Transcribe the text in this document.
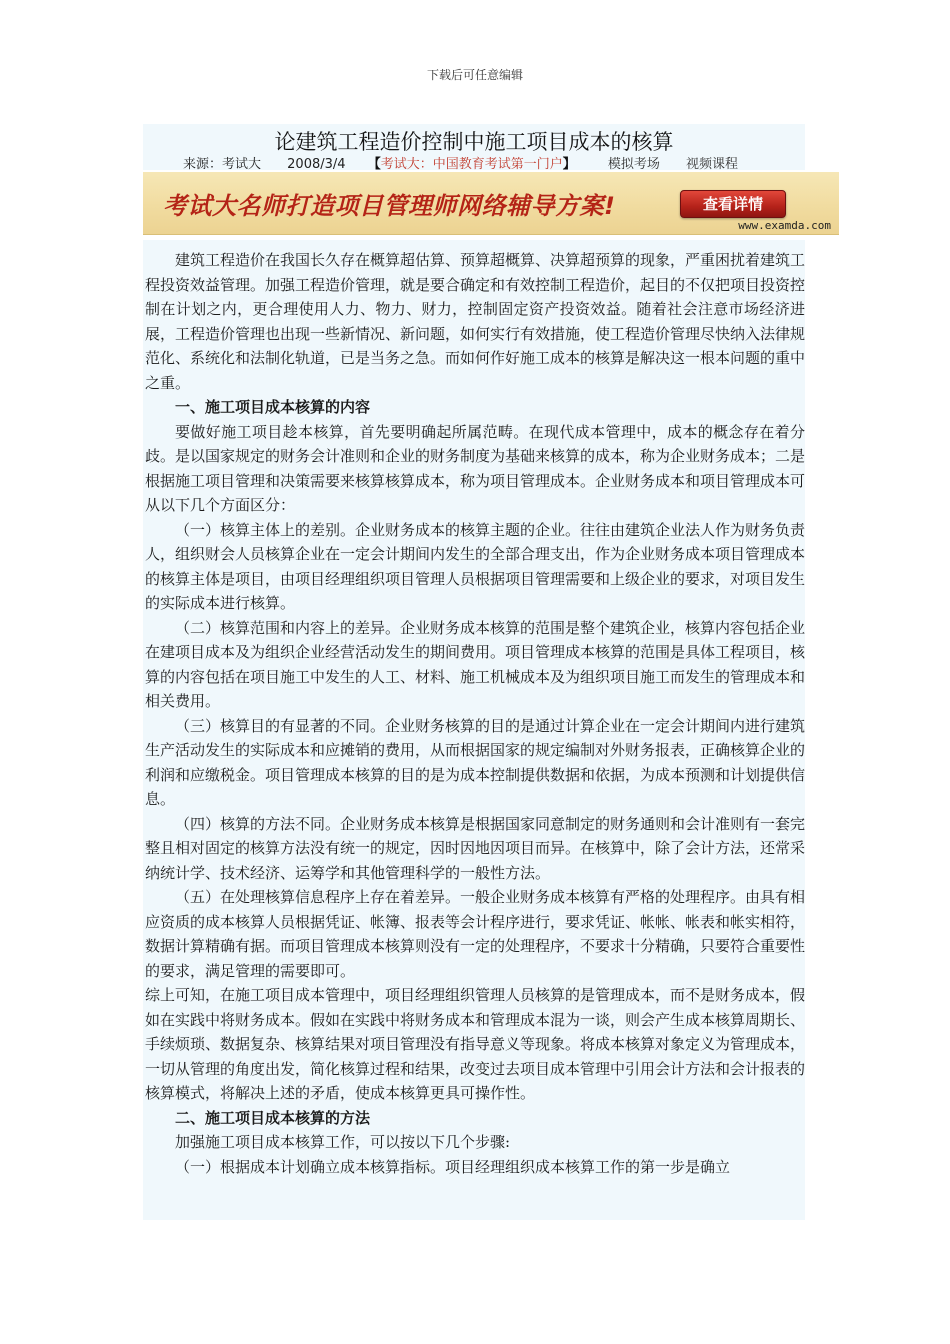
下载后可任意编辑
论建筑工程造价控制中施工项目成本的核算
来源：考试大 2008/3/4 【考试大：中国教育考试第一门户】 模拟考场 视频课程
考试大名师打造项目管理师网络辅导方案!	查看详情
www.examda.com

建筑工程造价在我国长久存在概算超估算、预算超概算、决算超预算的现象，严重困扰着建筑工程投资效益管理。加强工程造价管理，就是要合确定和有效控制工程造价，起目的不仅把项目投资控制在计划之内，更合理使用人力、物力、财力，控制固定资产投资效益。随着社会注意市场经济进展，工程造价管理也出现一些新情况、新问题，如何实行有效措施，使工程造价管理尽快纳入法律规范化、系统化和法制化轨道，已是当务之急。而如何作好施工成本的核算是解决这一根本问题的重中之重。

一、施工项目成本核算的内容

要做好施工项目趁本核算，首先要明确起所属范畴。在现代成本管理中，成本的概念存在着分歧。是以国家规定的财务会计准则和企业的财务制度为基础来核算的成本，称为企业财务成本；二是根据施工项目管理和决策需要来核算核算成本，称为项目管理成本。企业财务成本和项目管理成本可从以下几个方面区分：

（一）核算主体上的差别。企业财务成本的核算主题的企业。往往由建筑企业法人作为财务负责人，组织财会人员核算企业在一定会计期间内发生的全部合理支出，作为企业财务成本项目管理成本的核算主体是项目，由项目经理组织项目管理人员根据项目管理需要和上级企业的要求，对项目发生的实际成本进行核算。

（二）核算范围和内容上的差异。企业财务成本核算的范围是整个建筑企业，核算内容包括企业在建项目成本及为组织企业经营活动发生的期间费用。项目管理成本核算的范围是具体工程项目，核算的内容包括在项目施工中发生的人工、材料、施工机械成本及为组织项目施工而发生的管理成本和相关费用。

（三）核算目的有显著的不同。企业财务核算的目的是通过计算企业在一定会计期间内进行建筑生产活动发生的实际成本和应摊销的费用，从而根据国家的规定编制对外财务报表，正确核算企业的利润和应缴税金。项目管理成本核算的目的是为成本控制提供数据和依据，为成本预测和计划提供信息。

（四）核算的方法不同。企业财务成本核算是根据国家同意制定的财务通则和会计准则有一套完整且相对固定的核算方法没有统一的规定，因时因地因项目而异。在核算中，除了会计方法，还常采纳统计学、技术经济、运筹学和其他管理科学的一般性方法。

（五）在处理核算信息程序上存在着差异。一般企业财务成本核算有严格的处理程序。由具有相应资质的成本核算人员根据凭证、帐簿、报表等会计程序进行，要求凭证、帐帐、帐表和帐实相符，数据计算精确有据。而项目管理成本核算则没有一定的处理程序，不要求十分精确，只要符合重要性的要求，满足管理的需要即可。

综上可知，在施工项目成本管理中，项目经理组织管理人员核算的是管理成本，而不是财务成本，假如在实践中将财务成本。假如在实践中将财务成本和管理成本混为一谈，则会产生成本核算周期长、手续烦琐、数据复杂、核算结果对项目管理没有指导意义等现象。将成本核算对象定义为管理成本，一切从管理的角度出发，简化核算过程和结果，改变过去项目成本管理中引用会计方法和会计报表的核算模式，将解决上述的矛盾，使成本核算更具可操作性。

二、施工项目成本核算的方法

加强施工项目成本核算工作，可以按以下几个步骤:

（一）根据成本计划确立成本核算指标。项目经理组织成本核算工作的第一步是确立
